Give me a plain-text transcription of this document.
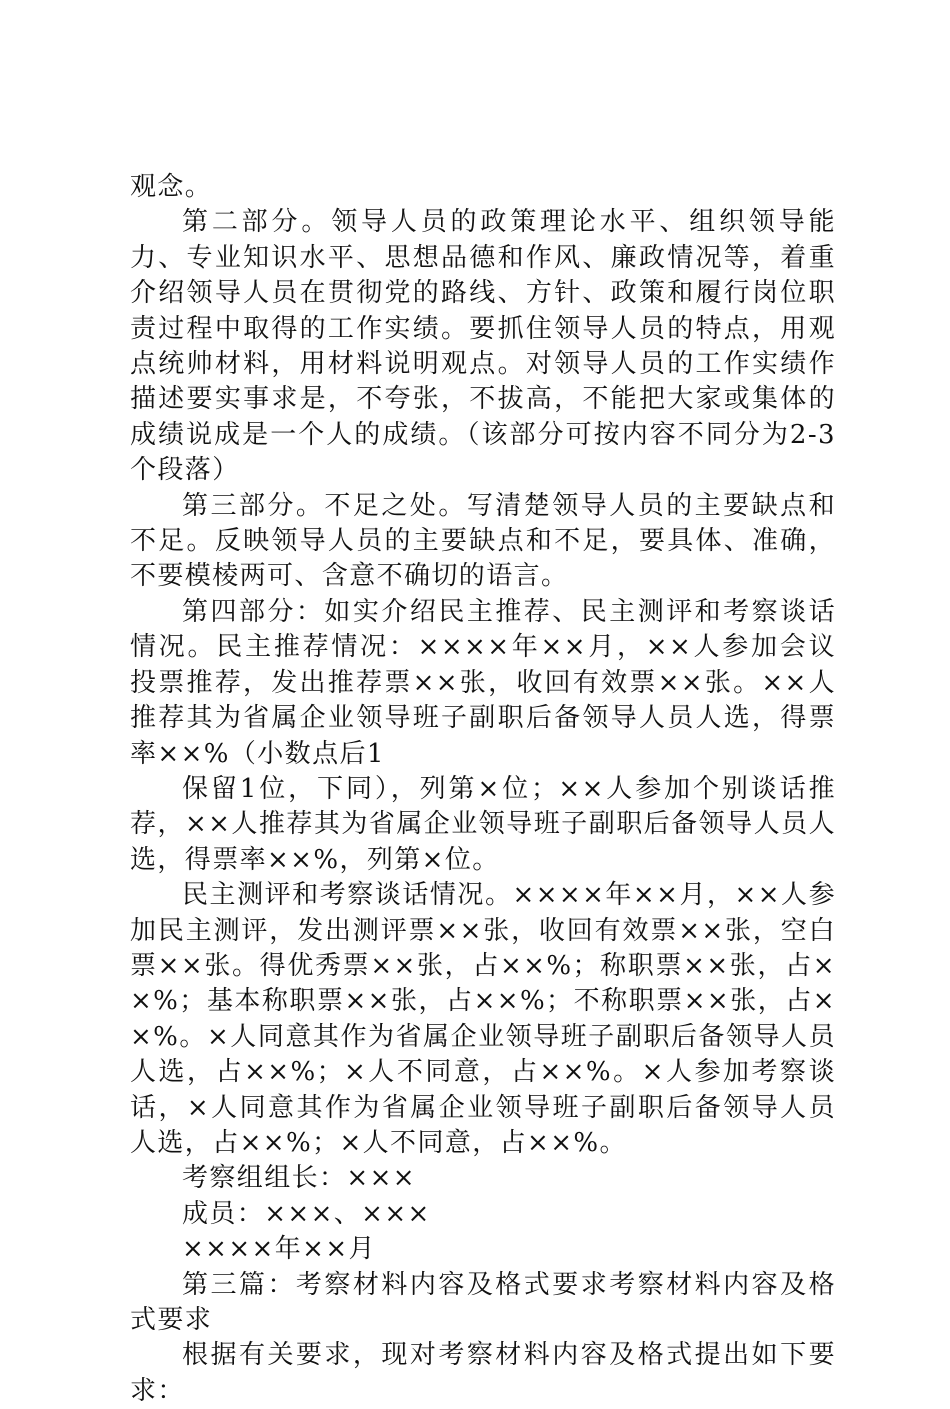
观念。

第二部分。领导人员的政策理论水平、组织领导能力、专业知识水平、思想品德和作风、廉政情况等，着重介绍领导人员在贯彻党的路线、方针、政策和履行岗位职责过程中取得的工作实绩。要抓住领导人员的特点，用观点统帅材料，用材料说明观点。对领导人员的工作实绩作描述要实事求是，不夸张，不拔高，不能把大家或集体的成绩说成是一个人的成绩。（该部分可按内容不同分为2-3个段落）

第三部分。不足之处。写清楚领导人员的主要缺点和不足。反映领导人员的主要缺点和不足，要具体、准确，不要模棱两可、含意不确切的语言。

第四部分：如实介绍民主推荐、民主测评和考察谈话情况。民主推荐情况：××××年××月，××人参加会议投票推荐，发出推荐票××张，收回有效票××张。××人推荐其为省属企业领导班子副职后备领导人员人选，得票率××%（小数点后1

保留1位，下同），列第×位；××人参加个别谈话推荐，××人推荐其为省属企业领导班子副职后备领导人员人选，得票率××%，列第×位。

民主测评和考察谈话情况。××××年××月，××人参加民主测评，发出测评票××张，收回有效票××张，空白票××张。得优秀票××张，占××%；称职票××张，占××%；基本称职票××张，占××%；不称职票××张，占××%。×人同意其作为省属企业领导班子副职后备领导人员人选，占××%；×人不同意，占××%。×人参加考察谈话，×人同意其作为省属企业领导班子副职后备领导人员人选，占××%；×人不同意，占××%。

考察组组长：×××

成员：×××、×××

××××年××月

第三篇：考察材料内容及格式要求考察材料内容及格式要求

根据有关要求，现对考察材料内容及格式提出如下要求：
